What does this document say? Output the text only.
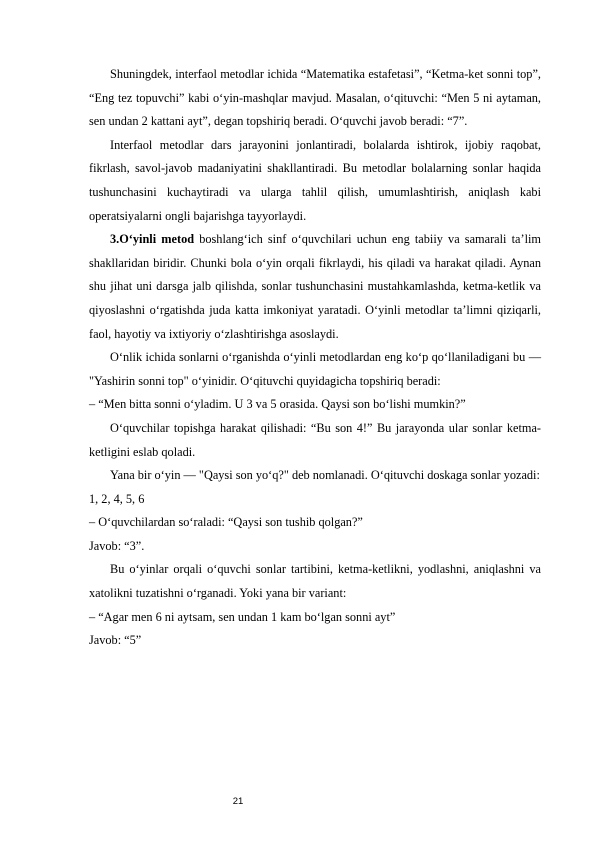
Shuningdek, interfaol metodlar ichida “Matematika estafetasi”, “Ketma-ket sonni top”, “Eng tez topuvchi” kabi o‘yin-mashqlar mavjud. Masalan, o‘qituvchi: “Men 5 ni aytaman, sen undan 2 kattani ayt”, degan topshiriq beradi. O‘quvchi javob beradi: “7”.

Interfaol metodlar dars jarayonini jonlantiradi, bolalarda ishtirok, ijobiy raqobat, fikrlash, savol-javob madaniyatini shakllantiradi. Bu metodlar bolalarning sonlar haqida tushunchasini kuchaytiradi va ularga tahlil qilish, umumlashtirish, aniqlash kabi operatsiyalarni ongli bajarishga tayyorlaydi.

3.O‘yinli metod boshlang‘ich sinf o‘quvchilari uchun eng tabiiy va samarali ta’lim shakllaridan biridir. Chunki bola o‘yin orqali fikrlaydi, his qiladi va harakat qiladi. Aynan shu jihat uni darsga jalb qilishda, sonlar tushunchasini mustahkamlashda, ketma-ketlik va qiyoslashni o‘rgatishda juda katta imkoniyat yaratadi. O‘yinli metodlar ta’limni qiziqarli, faol, hayotiy va ixtiyoriy o‘zlashtirishga asoslaydi.

O‘nlik ichida sonlarni o‘rganishda o‘yinli metodlardan eng ko‘p qo‘llaniladigani bu — "Yashirin sonni top" o‘yinidir. O‘qituvchi quyidagicha topshiriq beradi:

– “Men bitta sonni o‘yladim. U 3 va 5 orasida. Qaysi son bo‘lishi mumkin?”

O‘quvchilar topishga harakat qilishadi: “Bu son 4!” Bu jarayonda ular sonlar ketma-ketligini eslab qoladi.

Yana bir o‘yin — "Qaysi son yo‘q?" deb nomlanadi. O‘qituvchi doskaga sonlar yozadi:

1, 2, 4, 5, 6

– O‘quvchilardan so‘raladi: “Qaysi son tushib qolgan?”

Javob: “3”.

Bu o‘yinlar orqali o‘quvchi sonlar tartibini, ketma-ketlikni, yodlashni, aniqlashni va xatolikni tuzatishni o‘rganadi. Yoki yana bir variant:

– “Agar men 6 ni aytsam, sen undan 1 kam bo‘lgan sonni ayt”

Javob: “5”

21
